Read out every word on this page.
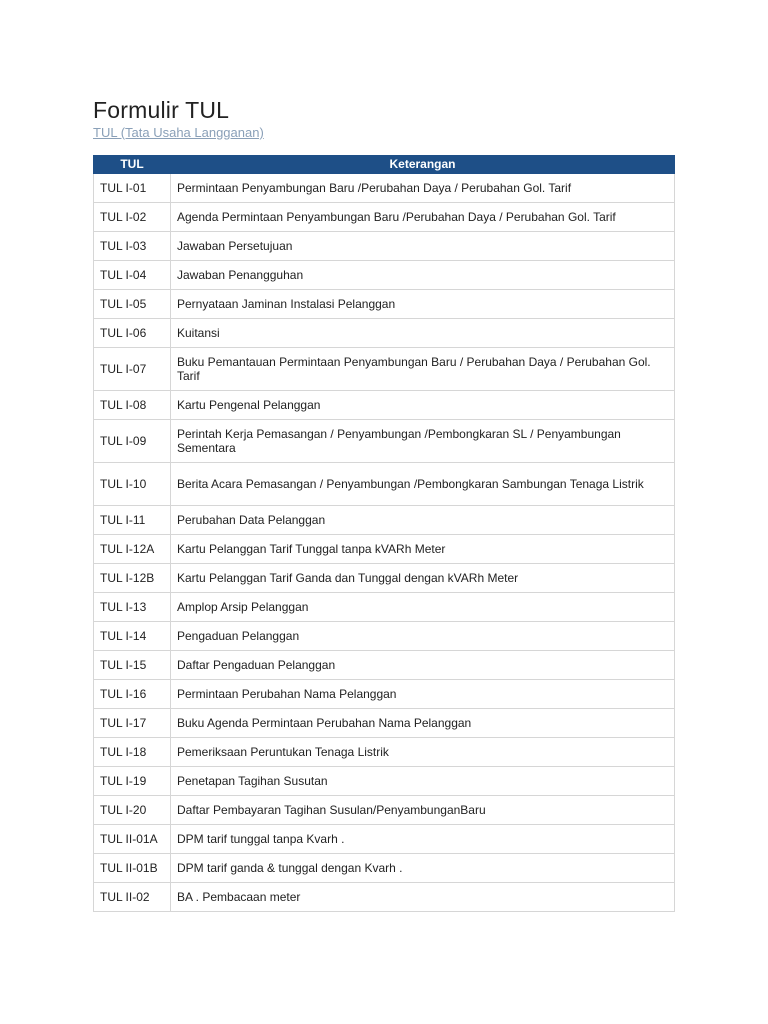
Formulir TUL
TUL (Tata Usaha Langganan)
TUL	Keterangan
TUL I-01	Permintaan Penyambungan Baru /Perubahan Daya / Perubahan Gol. Tarif
TUL I-02	Agenda Permintaan Penyambungan Baru /Perubahan Daya / Perubahan Gol. Tarif
TUL I-03	Jawaban Persetujuan
TUL I-04	Jawaban Penangguhan
TUL I-05	Pernyataan Jaminan Instalasi Pelanggan
TUL I-06	Kuitansi
TUL I-07	Buku Pemantauan Permintaan Penyambungan Baru / Perubahan Daya / Perubahan Gol. Tarif
TUL I-08	Kartu Pengenal Pelanggan
TUL I-09	Perintah Kerja Pemasangan / Penyambungan /Pembongkaran SL / Penyambungan Sementara
TUL I-10	Berita Acara Pemasangan / Penyambungan /Pembongkaran Sambungan Tenaga Listrik
TUL I-11	Perubahan Data Pelanggan
TUL I-12A	Kartu Pelanggan Tarif Tunggal tanpa kVARh Meter
TUL I-12B	Kartu Pelanggan Tarif Ganda dan Tunggal dengan kVARh Meter
TUL I-13	Amplop Arsip Pelanggan
TUL I-14	Pengaduan Pelanggan
TUL I-15	Daftar Pengaduan Pelanggan
TUL I-16	Permintaan Perubahan Nama Pelanggan
TUL I-17	Buku Agenda Permintaan Perubahan Nama Pelanggan
TUL I-18	Pemeriksaan Peruntukan Tenaga Listrik
TUL I-19	Penetapan Tagihan Susutan
TUL I-20	Daftar Pembayaran Tagihan Susulan/PenyambunganBaru
TUL II-01A	DPM tarif tunggal tanpa Kvarh .
TUL II-01B	DPM tarif ganda & tunggal dengan Kvarh .
TUL II-02	BA . Pembacaan meter
